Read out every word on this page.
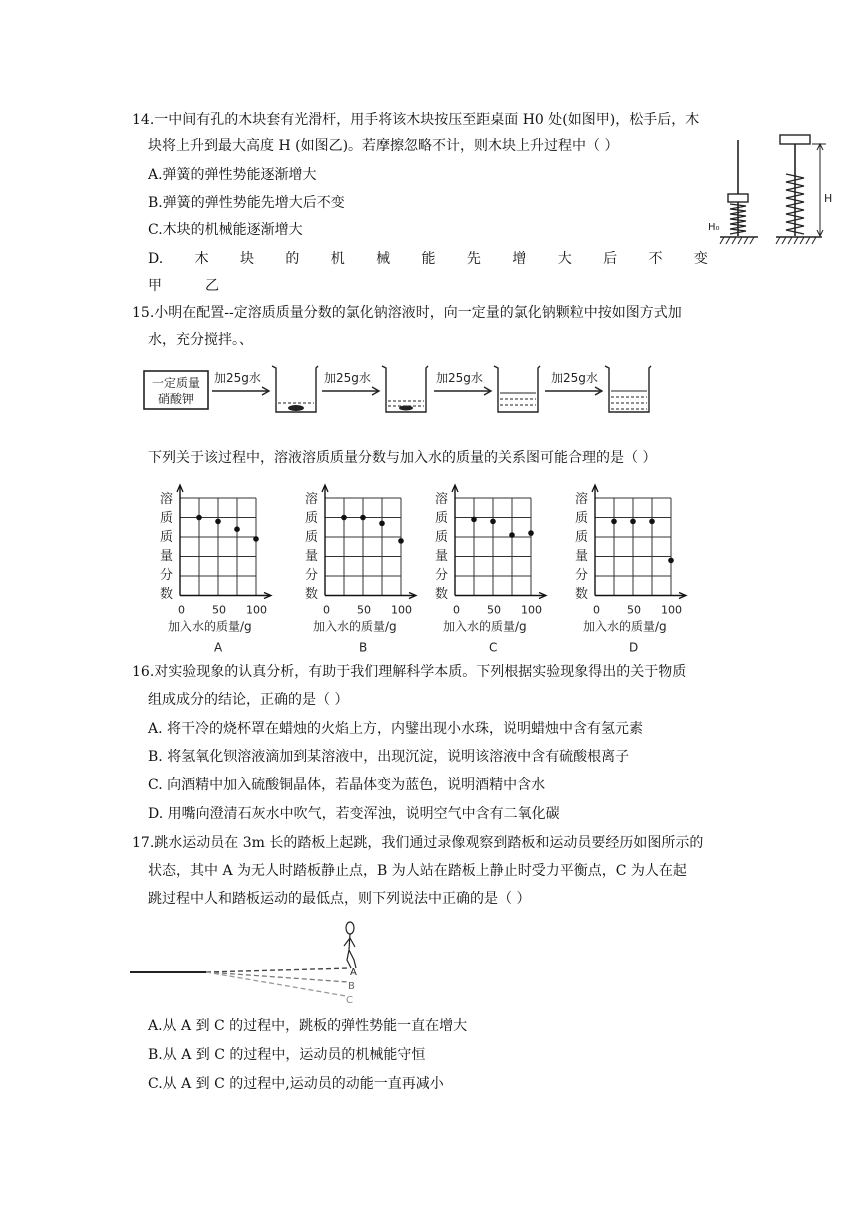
14.一中间有孔的木块套有光滑杆，用手将该木块按压至距桌面 H0 处(如图甲)，松手后，木
块将上升到最大高度 H (如图乙)。若摩擦忽略不计，则木块上升过程中（ ）
A.弹簧的弹性势能逐渐增大
B.弹簧的弹性势能先增大后不变
C.木块的机械能逐渐增大
D. 木 块 的 机 械 能 先 增 大 后 不 变
甲	乙
H₀
H
15.小明在配置--定溶质质量分数的氯化钠溶液时，向一定量的氯化钠颗粒中按如图方式加
水，充分搅拌。、
一定质量
硝酸钾
加25g水	加25g水	加25g水	加25g水
下列关于该过程中，溶液溶质质量分数与加入水的质量的关系图可能合理的是（ ）
溶
质
质
量
分
数
0 50 100
加入水的质量/g
A
溶
质
质
量
分
数
0 50 100
加入水的质量/g
B
溶
质
质
量
分
数
0 50 100
加入水的质量/g
C
溶
质
质
量
分
数
0 50 100
加入水的质量/g
D
16.对实验现象的认真分析，有助于我们理解科学本质。下列根据实验现象得出的关于物质
组成成分的结论，正确的是（ ）
A. 将干冷的烧杯罩在蜡烛的火焰上方，内鐾出现小水珠，说明蜡烛中含有氢元素
B. 将氢氧化钡溶液滴加到某溶液中，出现沉淀，说明该溶液中含有硫酸根离子
C. 向酒精中加入硫酸铜晶体，若晶体变为蓝色，说明酒精中含水
D. 用嘴向澄清石灰水中吹气，若变浑浊，说明空气中含有二氧化碳
17.跳水运动员在 3m 长的踏板上起跳，我们通过录像观察到踏板和运动员要经历如图所示的
状态，其中 A 为无人时踏板静止点，B 为人站在踏板上静止时受力平衡点，C 为人在起
跳过程中人和踏板运动的最低点，则下列说法中正确的是（ ）
A
B
C
A.从 A 到 C 的过程中，跳板的弹性势能一直在增大
B.从 A 到 C 的过程中，运动员的机械能守恒
C.从 A 到 C 的过程中,运动员的动能一直再减小
